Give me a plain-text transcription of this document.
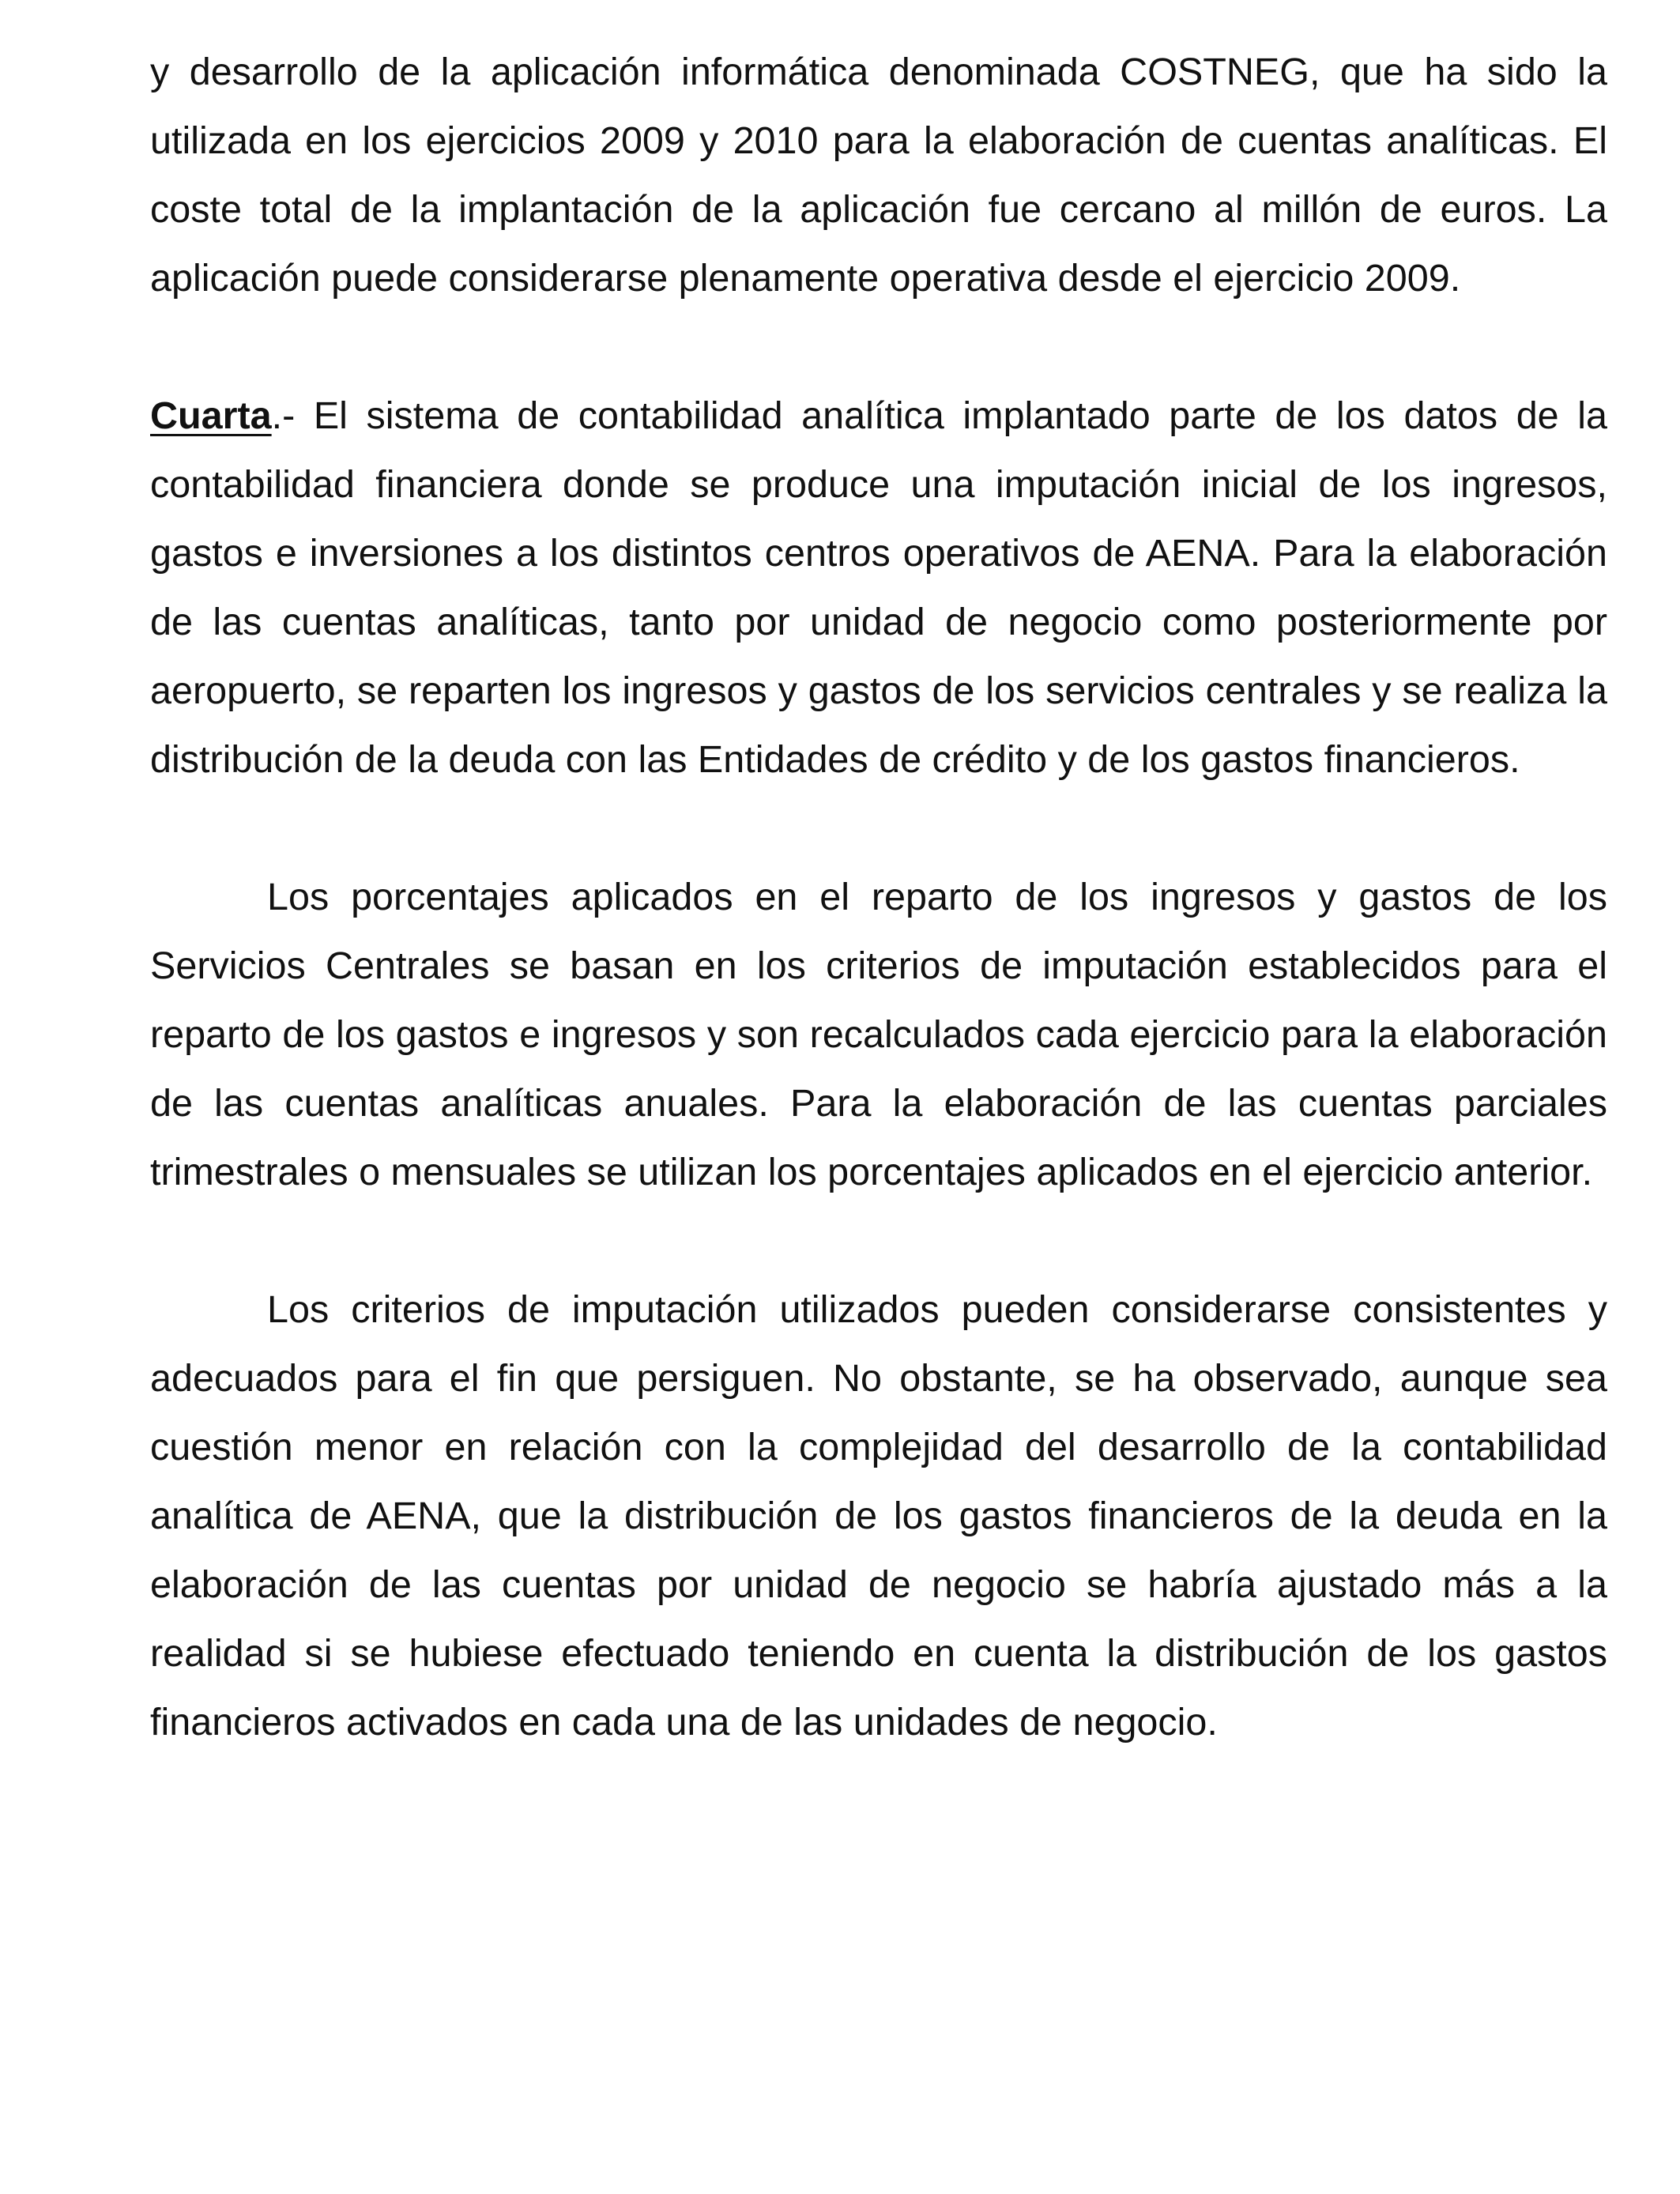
y desarrollo de la aplicación informática denominada COSTNEG, que ha sido la utilizada en los ejercicios 2009 y 2010 para la elaboración de cuentas analíticas. El coste total de la implantación de la aplicación fue cercano al millón de euros. La aplicación puede considerarse plenamente operativa desde el ejercicio 2009.

Cuarta.- El sistema de contabilidad analítica implantado parte de los datos de la contabilidad financiera donde se produce una imputación inicial de los ingresos, gastos e inversiones a los distintos centros operativos de AENA. Para la elaboración de las cuentas analíticas, tanto por unidad de negocio como posteriormente por aeropuerto, se reparten los ingresos y gastos de los servicios centrales y se realiza la distribución de la deuda con las Entidades de crédito y de los gastos financieros.

Los porcentajes aplicados en el reparto de los ingresos y gastos de los Servicios Centrales se basan en los criterios de imputación establecidos para el reparto de los gastos e ingresos y son recalculados cada ejercicio para la elaboración de las cuentas analíticas anuales. Para la elaboración de las cuentas parciales trimestrales o mensuales se utilizan los porcentajes aplicados en el ejercicio anterior.

Los criterios de imputación utilizados pueden considerarse consistentes y adecuados para el fin que persiguen. No obstante, se ha observado, aunque sea cuestión menor en relación con la complejidad del desarrollo de la contabilidad analítica de AENA, que la distribución de los gastos financieros de la deuda en la elaboración de las cuentas por unidad de negocio se habría ajustado más a la realidad si se hubiese efectuado teniendo en cuenta la distribución de los gastos financieros activados en cada una de las unidades de negocio.
